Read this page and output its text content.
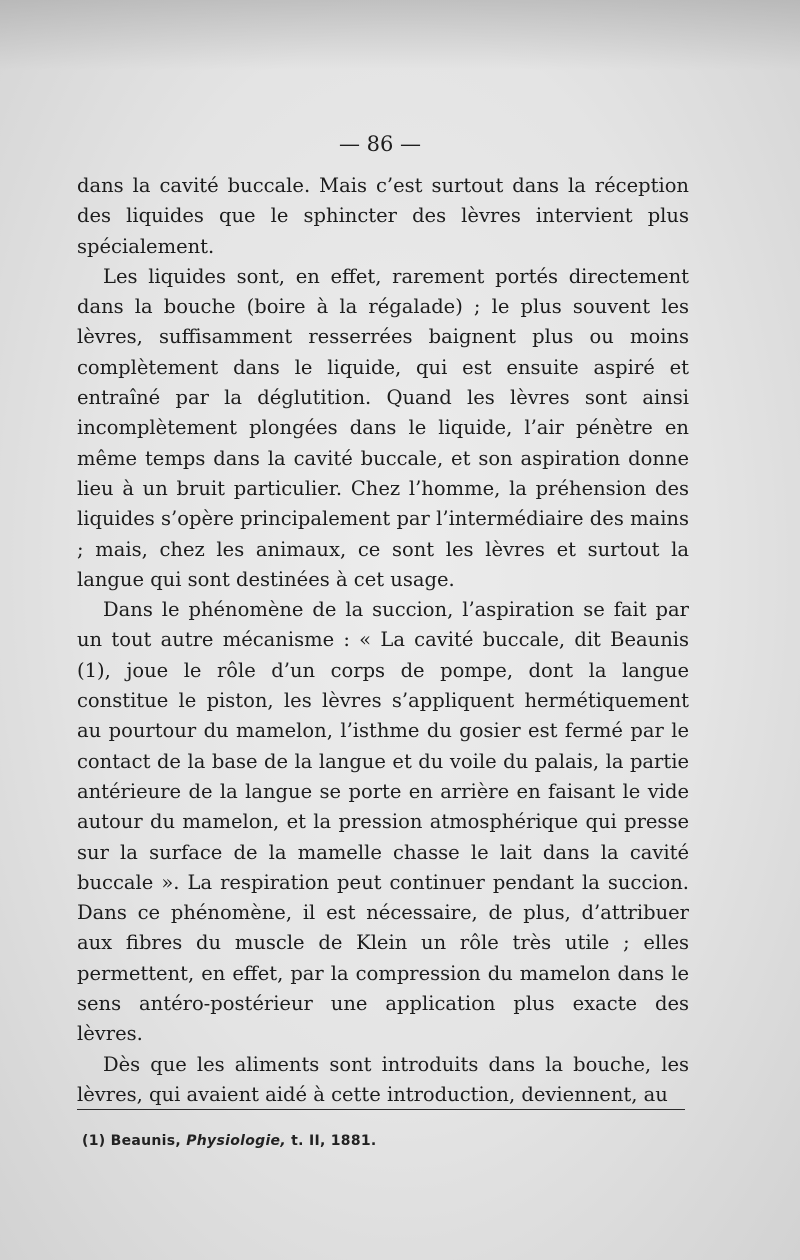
— 86 —

dans la cavité buccale. Mais c’est surtout dans la réception des liquides que le sphincter des lèvres intervient plus spécialement.

Les liquides sont, en effet, rarement portés directement dans la bouche (boire à la régalade) ; le plus souvent les lèvres, suffisamment resserrées baignent plus ou moins complètement dans le liquide, qui est ensuite aspiré et entraîné par la déglutition. Quand les lèvres sont ainsi incomplètement plongées dans le liquide, l’air pénètre en même temps dans la cavité buccale, et son aspiration donne lieu à un bruit particulier. Chez l’homme, la préhension des liquides s’opère principalement par l’intermédiaire des mains ; mais, chez les animaux, ce sont les lèvres et surtout la langue qui sont destinées à cet usage.

Dans le phénomène de la succion, l’aspiration se fait par un tout autre mécanisme : « La cavité buccale, dit Beaunis (1), joue le rôle d’un corps de pompe, dont la langue constitue le piston, les lèvres s’appliquent hermétiquement au pourtour du mamelon, l’isthme du gosier est fermé par le contact de la base de la langue et du voile du palais, la partie antérieure de la langue se porte en arrière en faisant le vide autour du mamelon, et la pression atmosphérique qui presse sur la surface de la mamelle chasse le lait dans la cavité buccale ». La respiration peut continuer pendant la succion. Dans ce phénomène, il est nécessaire, de plus, d’attribuer aux fibres du muscle de Klein un rôle très utile ; elles permettent, en effet, par la compression du mamelon dans le sens antéro-postérieur une application plus exacte des lèvres.

Dès que les aliments sont introduits dans la bouche, les lèvres, qui avaient aidé à cette introduction, deviennent, au

(1) Beaunis, Physiologie, t. II, 1881.
